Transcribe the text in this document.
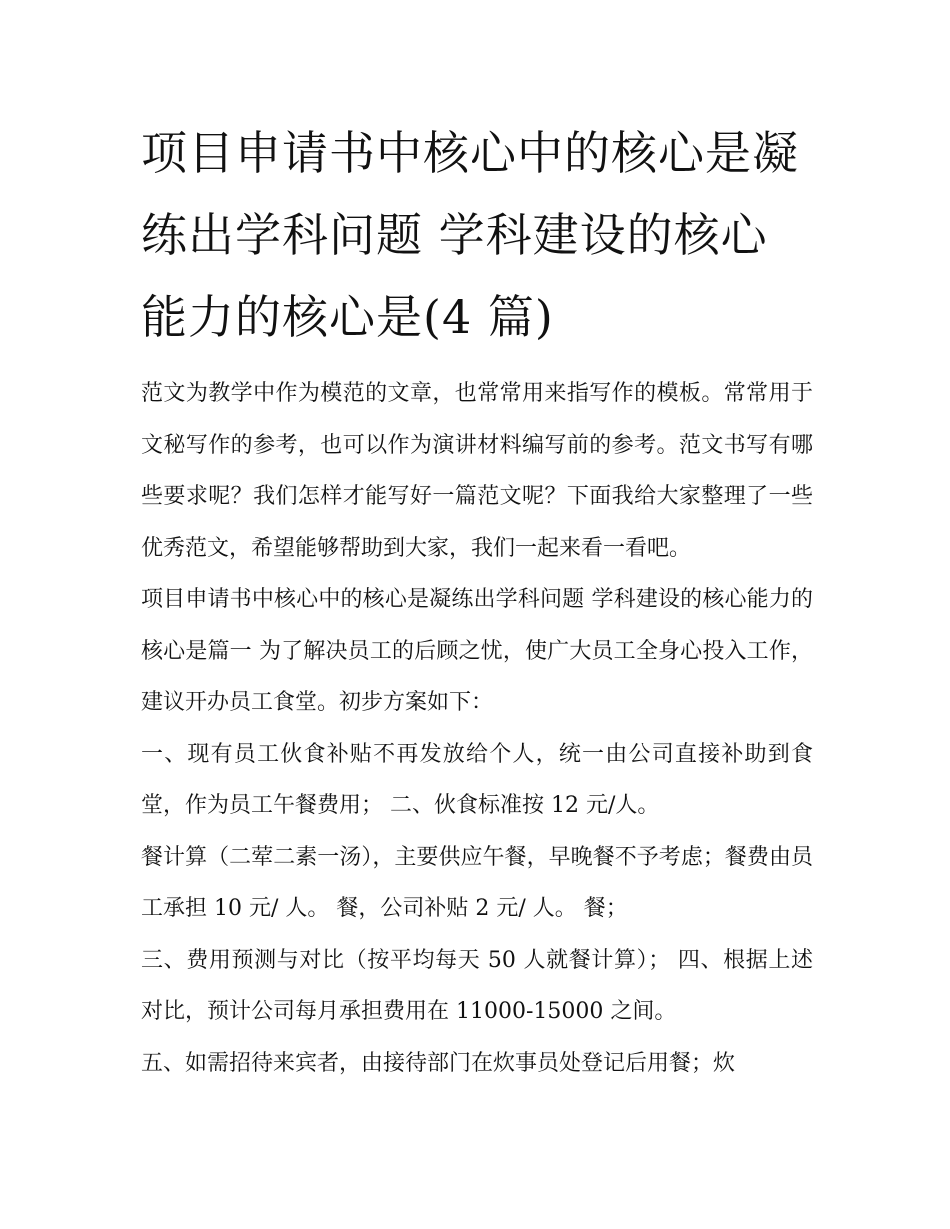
项目申请书中核心中的核心是凝练出学科问题 学科建设的核心能力的核心是(4 篇)

范文为教学中作为模范的文章，也常常用来指写作的模板。常常用于文秘写作的参考，也可以作为演讲材料编写前的参考。范文书写有哪些要求呢？我们怎样才能写好一篇范文呢？下面我给大家整理了一些优秀范文，希望能够帮助到大家，我们一起来看一看吧。

项目申请书中核心中的核心是凝练出学科问题 学科建设的核心能力的核心是篇一 为了解决员工的后顾之忧，使广大员工全身心投入工作，建议开办员工食堂。初步方案如下：

一、现有员工伙食补贴不再发放给个人，统一由公司直接补助到食堂，作为员工午餐费用； 二、伙食标准按 12 元/人。

餐计算（二荤二素一汤），主要供应午餐，早晚餐不予考虑；餐费由员工承担 10 元/ 人。 餐，公司补贴 2 元/ 人。 餐；

三、费用预测与对比（按平均每天 50 人就餐计算）； 四、根据上述对比，预计公司每月承担费用在 11000-15000 之间。

五、如需招待来宾者，由接待部门在炊事员处登记后用餐；炊
